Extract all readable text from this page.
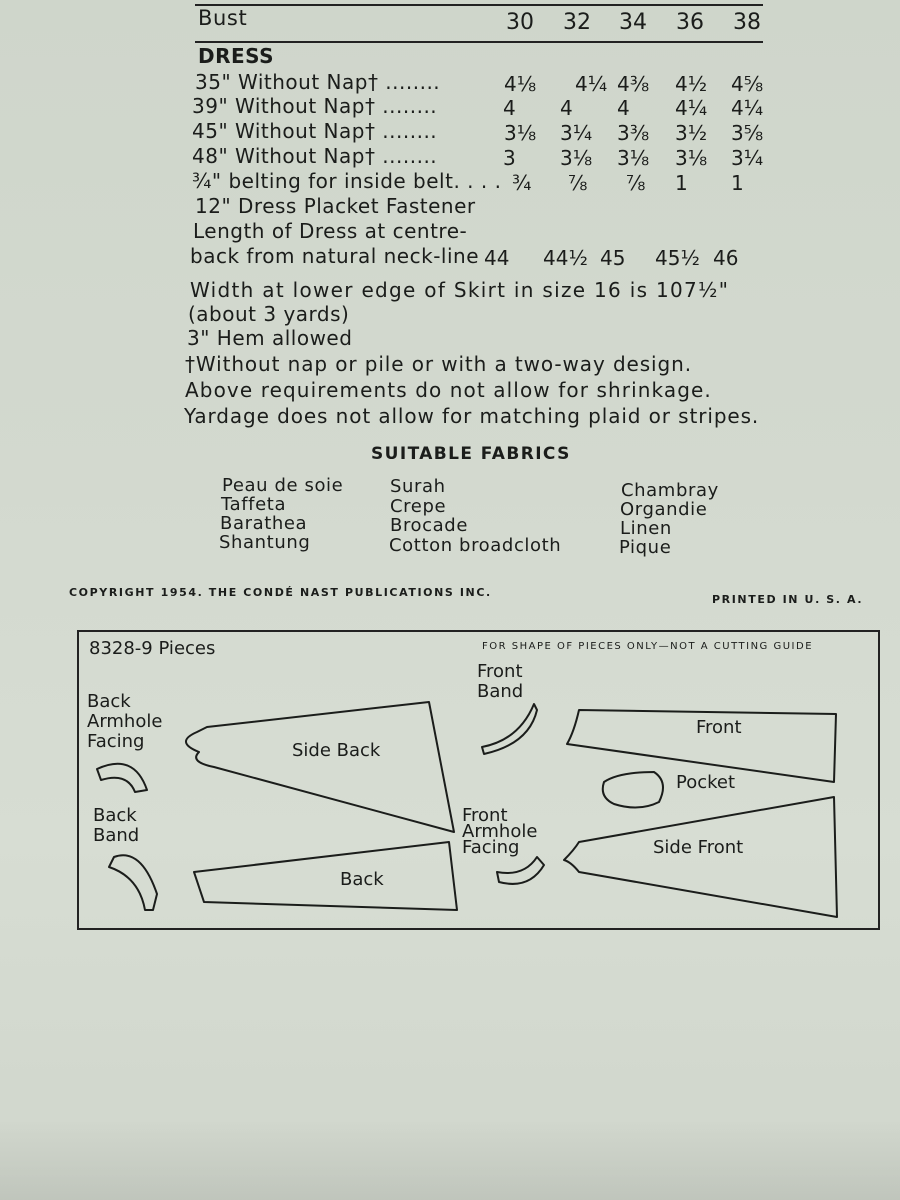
Bust	30 32 34 36 38
DRESS
35" Without Nap† ........	4⅛ 4¼ 4⅜ 4½ 4⅝
39" Without Nap† ........	4 4 4 4¼ 4¼
45" Without Nap† ........	3⅛ 3¼ 3⅜ 3½ 3⅝
48" Without Nap† ........	3 3⅛ 3⅛ 3⅛ 3¼
¾" belting for inside belt. . . . ¾ ⅞ ⅞ 1 1
12" Dress Placket Fastener
Length of Dress at centre-
back from natural neck-line 44 44½ 45 45½ 46
Width at lower edge of Skirt in size 16 is 107½"
(about 3 yards)
3" Hem allowed
†Without nap or pile or with a two-way design.
Above requirements do not allow for shrinkage.
Yardage does not allow for matching plaid or stripes.
SUITABLE FABRICS
Peau de soie
Taffeta
Barathea
Shantung
Surah
Crepe
Brocade
Cotton broadcloth
Chambray
Organdie
Linen
Pique
COPYRIGHT 1954. THE CONDÉ NAST PUBLICATIONS INC.
PRINTED IN U. S. A.
8328-9 Pieces	FOR SHAPE OF PIECES ONLY—NOT A CUTTING GUIDE
Back
Armhole
Facing
Back
Band
Side Back
Back
Front
Band
Front
Armhole
Facing
Front
Pocket
Side Front
